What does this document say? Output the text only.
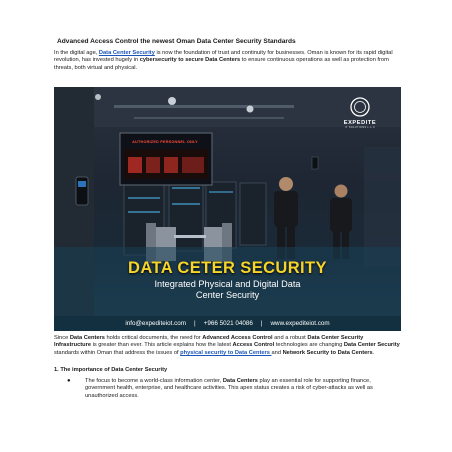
Advanced Access Control the newest Oman Data Center Security Standards

In the digital age, Data Center Security is now the foundation of trust and continuity for businesses. Oman is known for its rapid digital revolution, has invested hugely in cybersecurity to secure Data Centers to ensure continuous operations as well as protection from threats, both virtual and physical.

AUTHORIZED PERSONNEL ONLY
EXPEDITE
IT SOLUTIONS L.L.C
DATA CETER SECURITY
Integrated Physical and Digital Data
Center Security
info@expediteiot.com | +966 5021 04086 | www.expediteiot.com

Since Data Centers holds critical documents, the need for Advanced Access Control and a robust Data Center Security Infrastructure is greater than ever. This article explains how the latest Access Control technologies are changing Data Center Security standards within Oman that address the issues of physical security to Data Centers and Network Security to Data Centers.

1. The importance of Data Center Security
●	The focus to become a world-class information center, Data Centers play an essential role for supporting finance, government health, enterprise, and healthcare activities. This apex status creates a risk of cyber-attacks as well as unauthorized access.
